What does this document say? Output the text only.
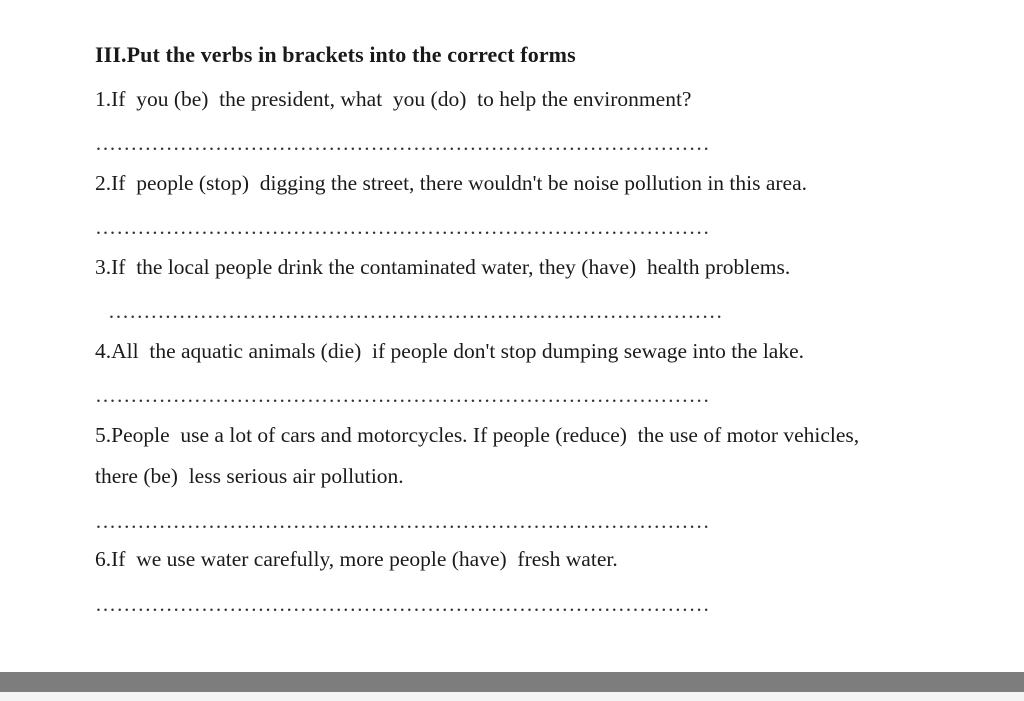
III.Put the verbs in brackets into the correct forms
1.If  you (be)  the president, what  you (do)  to help the environment?
……………………………………………………………………………
2.If  people (stop)  digging the street, there wouldn't be noise pollution in this area.
……………………………………………………………………………
3.If  the local people drink the contaminated water, they (have)  health problems.
……………………………………………………………………………
4.All  the aquatic animals (die)  if people don't stop dumping sewage into the lake.
……………………………………………………………………………
5.People  use a lot of cars and motorcycles. If people (reduce)  the use of motor vehicles,
there (be)  less serious air pollution.
……………………………………………………………………………
6.If  we use water carefully, more people (have)  fresh water.
……………………………………………………………………………
